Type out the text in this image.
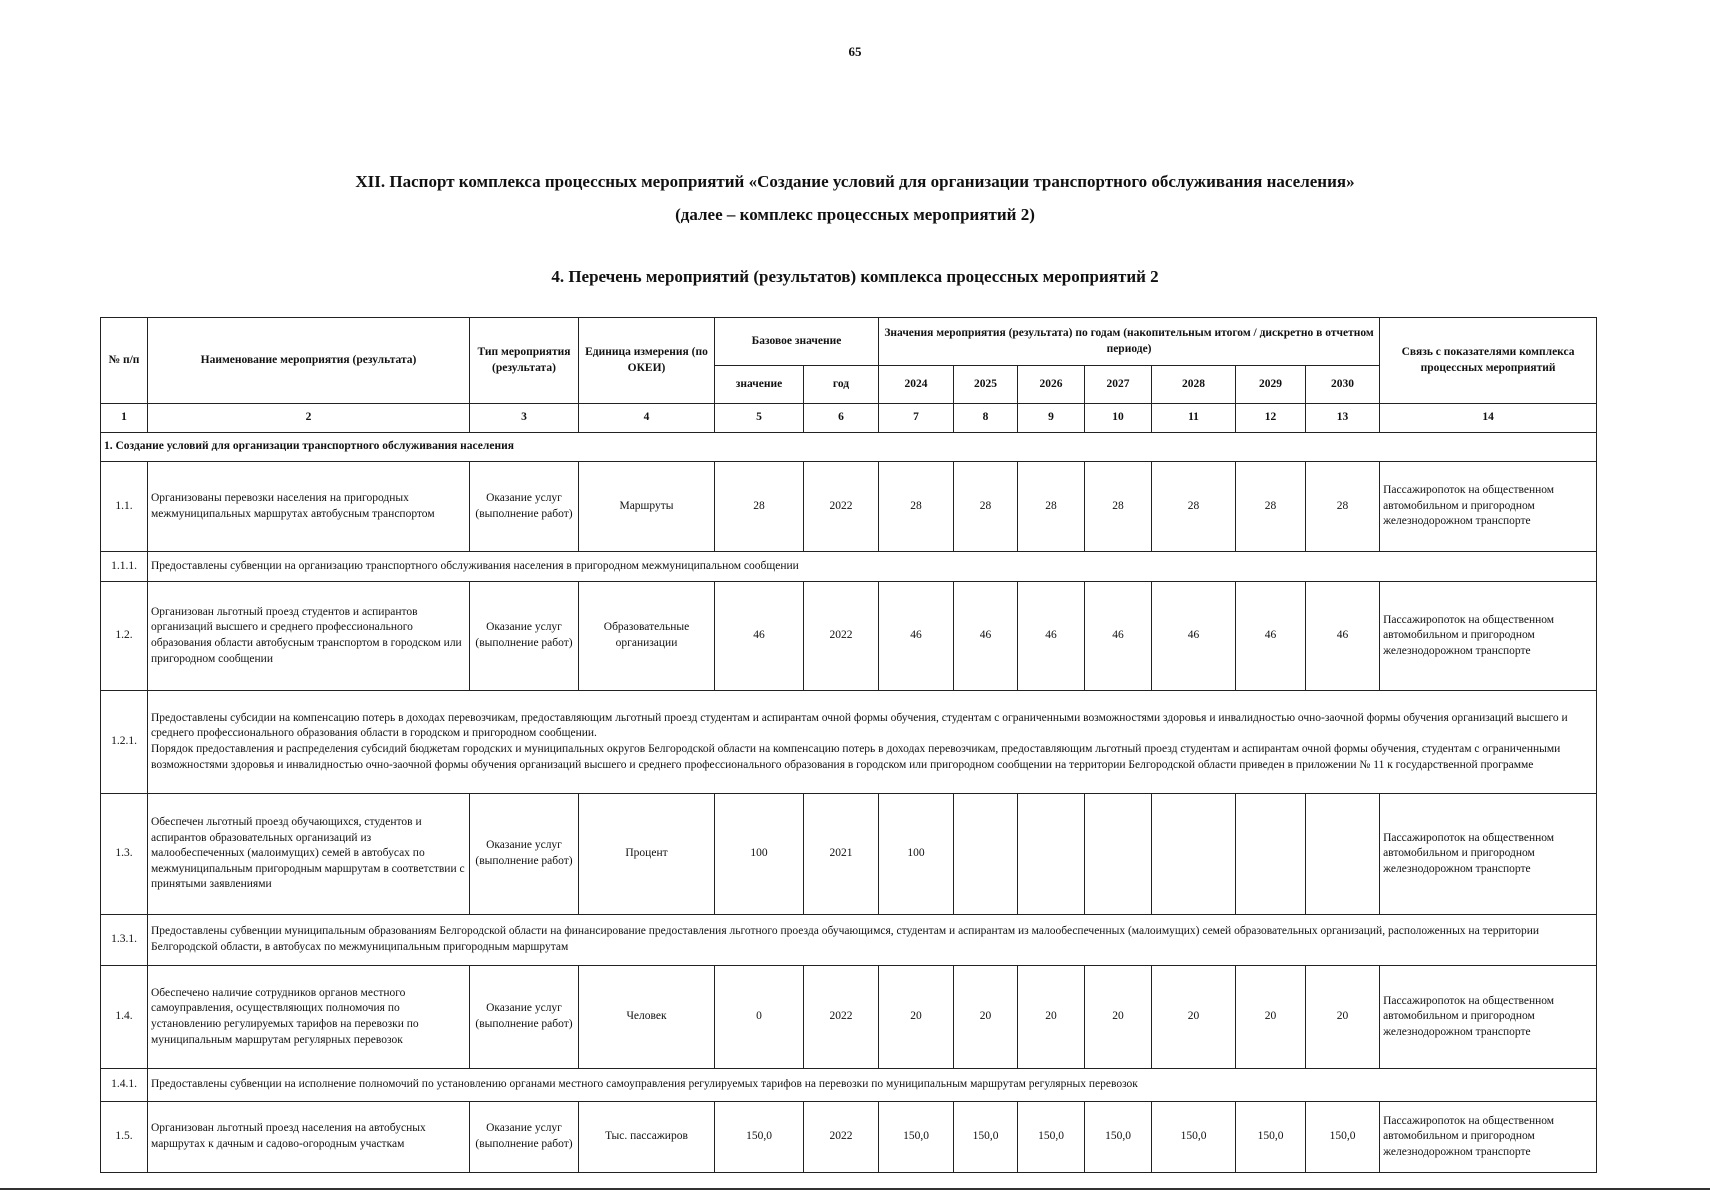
65
XII. Паспорт комплекса процессных мероприятий «Создание условий для организации транспортного обслуживания населения»
(далее – комплекс процессных мероприятий 2)
4. Перечень мероприятий (результатов) комплекса процессных мероприятий 2
№ п/п	Наименование мероприятия (результата)	Тип мероприятия (результата)	Единица измерения (по ОКЕИ)	Базовое значение		Значения мероприятия (результата) по годам (накопительным итогом / дискретно в отчетном периоде)							Связь с показателями комплекса процессных мероприятий
				значение	год	2024	2025	2026	2027	2028	2029	2030	
1	2	3	4	5	6	7	8	9	10	11	12	13	14
1. Создание условий для организации транспортного обслуживания населения													
1.1.	Организованы перевозки населения на пригородных межмуниципальных маршрутах автобусным транспортом	Оказание услуг (выполнение работ)	Маршруты	28	2022	28	28	28	28	28	28	28	Пассажиропоток на общественном автомобильном и пригородном железнодорожном транспорте
1.1.1.	Предоставлены субвенции на организацию транспортного обслуживания населения в пригородном межмуниципальном сообщении												
1.2.	Организован льготный проезд студентов и аспирантов организаций высшего и среднего профессионального образования области автобусным транспортом в городском или пригородном сообщении	Оказание услуг (выполнение работ)	Образовательные организации	46	2022	46	46	46	46	46	46	46	Пассажиропоток на общественном автомобильном и пригородном железнодорожном транспорте
1.2.1.	Предоставлены субсидии на компенсацию потерь в доходах перевозчикам, предоставляющим льготный проезд студентам и аспирантам очной формы обучения, студентам с ограниченными возможностями здоровья и инвалидностью очно-заочной формы обучения организаций высшего и среднего профессионального образования области в городском и пригородном сообщении.
Порядок предоставления и распределения субсидий бюджетам городских и муниципальных округов Белгородской области на компенсацию потерь в доходах перевозчикам, предоставляющим льготный проезд студентам и аспирантам очной формы обучения, студентам с ограниченными возможностями здоровья и инвалидностью очно-заочной формы обучения организаций высшего и среднего профессионального образования в городском или пригородном сообщении на территории Белгородской области приведен в приложении № 11 к государственной программе												

1.3.	Обеспечен льготный проезд обучающихся, студентов и аспирантов образовательных организаций из малообеспеченных (малоимущих) семей в автобусах по межмуниципальным пригородным маршрутам в соответствии с принятыми заявлениями	Оказание услуг (выполнение работ)	Процент	100	2021	100							Пассажиропоток на общественном автомобильном и пригородном железнодорожном транспорте
1.3.1.	Предоставлены субвенции муниципальным образованиям Белгородской области на финансирование предоставления льготного проезда обучающимся, студентам и аспирантам из малообеспеченных (малоимущих) семей образовательных организаций, расположенных на территории Белгородской области, в автобусах по межмуниципальным пригородным маршрутам												
1.4.	Обеспечено наличие сотрудников органов местного самоуправления, осуществляющих полномочия по установлению регулируемых тарифов на перевозки по муниципальным маршрутам регулярных перевозок	Оказание услуг (выполнение работ)	Человек	0	2022	20	20	20	20	20	20	20	Пассажиропоток на общественном автомобильном и пригородном железнодорожном транспорте
1.4.1.	Предоставлены субвенции на исполнение полномочий по установлению органами местного самоуправления регулируемых тарифов на перевозки по муниципальным маршрутам регулярных перевозок												
1.5.	Организован льготный проезд населения на автобусных маршрутах к дачным и садово-огородным участкам	Оказание услуг (выполнение работ)	Тыс. пассажиров	150,0	2022	150,0	150,0	150,0	150,0	150,0	150,0	150,0	Пассажиропоток на общественном автомобильном и пригородном железнодорожном транспорте
